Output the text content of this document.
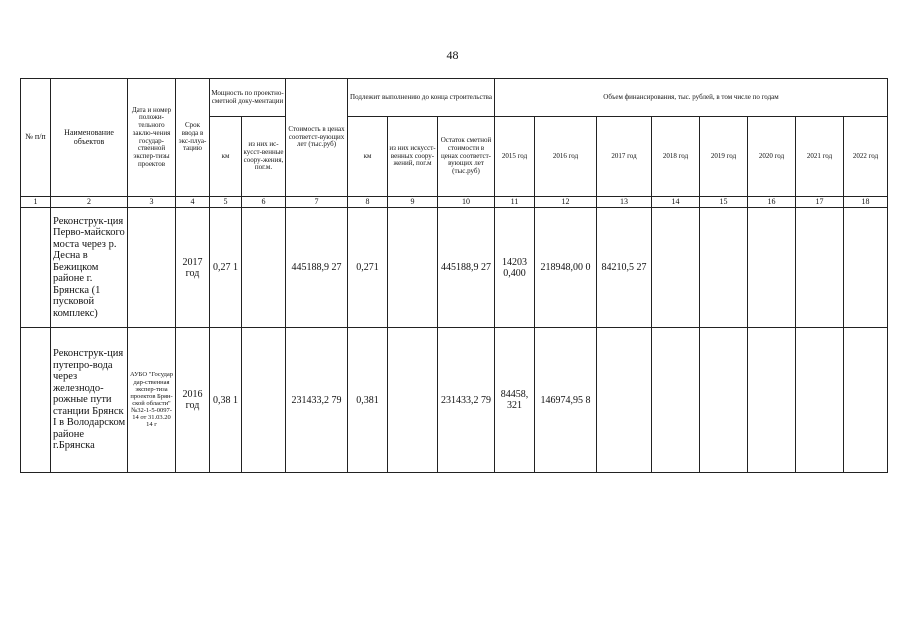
48
№ п/п	Наименование объектов	Дата и номер положи-тельного заклю-чения государ-ственной экспер-тизы проектов	Срок ввода в экс-плуа-тацию	Мощность по проектно-сметной доку-ментации		Стоимость в ценах соответст-вующих лет (тыс.руб)	Подлежит выполнению до конца строительства			Объем финансирования, тыс. рублей, в том числе по годам							
				км	из них ис-кусст-венные соору-жения, пог.м.		км	из них искусст-венных соору-жений, пог.м	Остаток сметной стоимости в ценах соответст-вующих лет (тыс.руб)	2015 год	2016 год	2017 год	2018 год	2019 год	2020 год	2021 год	2022 год
1	2	3	4	5	6	7	8	9	10	11	12	13	14	15	16	17	18
	Реконструк-ция Перво-майского моста через р. Десна в Бежицком районе г. Брянска (1 пусковой комплекс)		2017 год	0,27 1		445188,9 27	0,271		445188,9 27	14203 0,400	218948,00 0	84210,5 27					
	Реконструк-ция путепро-вода через железнодо-рожные пути станции Брянск I в Володарском районе г.Брянска	АУБО "Государ дар-ственная экспер-тиза проектов Брян-ской области" №32-1-5-0097-14 от 31.03.20 14 г	2016 год	0,38 1		231433,2 79	0,381		231433,2 79	84458, 321	146974,95 8						
